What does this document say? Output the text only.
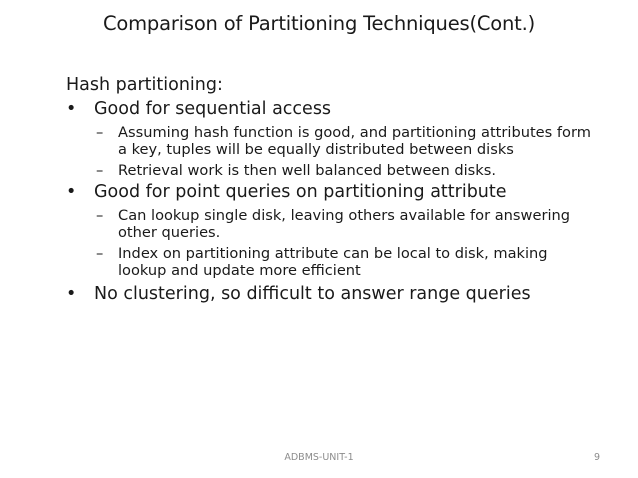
Comparison of Partitioning Techniques(Cont.)
Hash partitioning:
• Good for sequential access
– Assuming hash function is good, and partitioning attributes form a key, tuples will be equally distributed between disks
– Retrieval work is then well balanced between disks.
• Good for point queries on partitioning attribute
– Can lookup single disk, leaving others available for answering other queries.
– Index on partitioning attribute can be local to disk, making lookup and update more efficient
• No clustering, so difficult to answer range queries
ADBMS-UNIT-1	9
